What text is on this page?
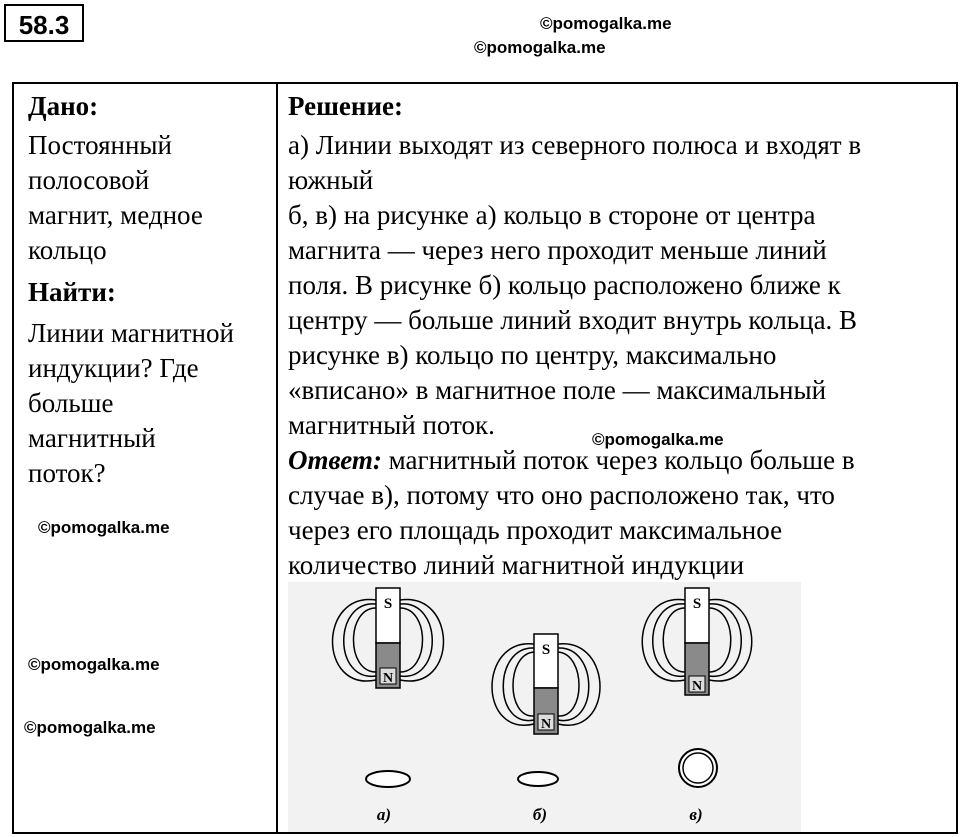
58.3	©pomogalka.me
©pomogalka.me
Дано:
Постоянный
полосовой
магнит, медное
кольцо
Найти:
Линии магнитной
индукции? Где
больше
магнитный
поток?

Решение:
а) Линии выходят из северного полюса и входят в
южный
б, в) на рисунке а) кольцо в стороне от центра
магнита — через него проходит меньше линий
поля. В рисунке б) кольцо расположено ближе к
центру — больше линий входит внутрь кольца. В
рисунке в) кольцо по центру, максимально
«вписано» в магнитное поле — максимальный
магнитный поток.
Ответ: магнитный поток через кольцо больше в
случае в), потому что оно расположено так, что
через его площадь проходит максимальное
количество линий магнитной индукции
©pomogalka.me
©pomogalka.me
©pomogalka.me
©pomogalka.me
S
N
а)
S
N
б)
S
N
в)
